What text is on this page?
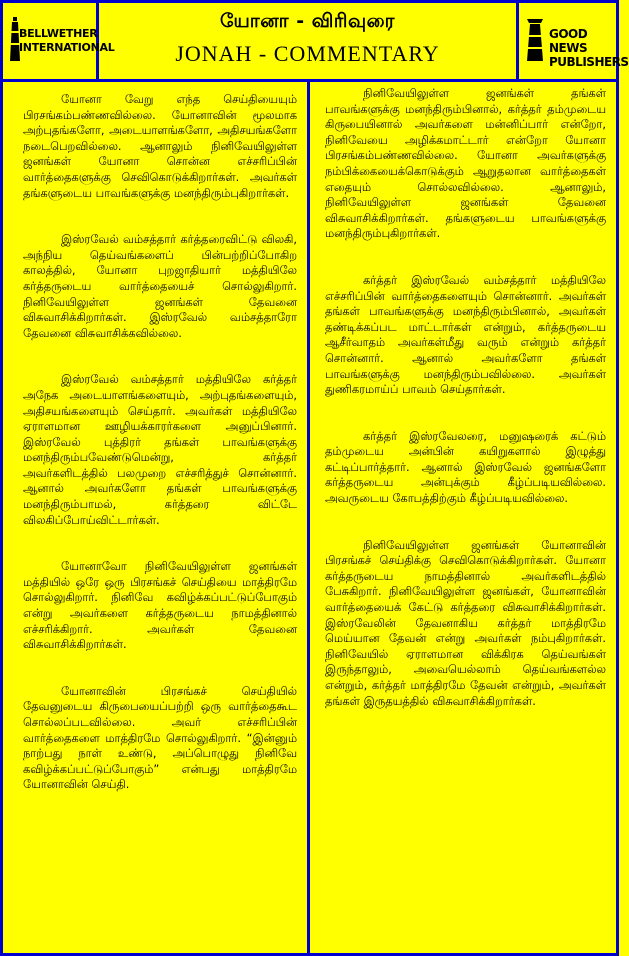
BELLWETHER INTERNATIONAL
யோனா - விரிவுரை
JONAH - COMMENTARY
GOOD NEWS PUBLISHERS

யோனா வேறு எந்த செய்தியையும் பிரசங்கம்பண்ணவில்லை. யோனாவின் மூலமாக அற்புதங்களோ, அடையாளங்களோ, அதிசயங்களோ நடைபெறவில்லை. ஆனாலும் நினிவேயிலுள்ள ஜனங்கள் யோனா சொன்ன எச்சரிப்பின் வார்த்தைகளுக்கு செவிகொடுக்கிறார்கள். அவர்கள் தங்களுடைய பாவங்களுக்கு மனந்திரும்புகிறார்கள்.

இஸ்ரவேல் வம்சத்தார் கர்த்தரைவிட்டு விலகி, அந்நிய தெய்வங்களைப் பின்பற்றிப்போகிற காலத்தில், யோனா புறஜாதியார் மத்தியிலே கர்த்தருடைய வார்த்தையைச் சொல்லுகிறார். நினிவேயிலுள்ள ஜனங்கள் தேவனை விசுவாசிக்கிறார்கள். இஸ்ரவேல் வம்சத்தாரோ தேவனை விசுவாசிக்கவில்லை.

இஸ்ரவேல் வம்சத்தார் மத்தியிலே கர்த்தர் அநேக அடையாளங்களையும், அற்புதங்களையும், அதிசயங்களையும் செய்தார். அவர்கள் மத்தியிலே ஏராளமான ஊழியக்காரர்களை அனுப்பினார். இஸ்ரவேல் புத்திரர் தங்கள் பாவங்களுக்கு மனந்திரும்பவேண்டுமென்று, கர்த்தர் அவர்களிடத்தில் பலமுறை எச்சரித்துச் சொன்னார். ஆனால் அவர்களோ தங்கள் பாவங்களுக்கு மனந்திரும்பாமல், கர்த்தரை விட்டே விலகிப்போய்விட்டார்கள்.

யோனாவோ நினிவேயிலுள்ள ஜனங்கள் மத்தியில் ஒரே ஒரு பிரசங்கச் செய்தியை மாத்திரமே சொல்லுகிறார். நினிவே கவிழ்க்கப்பட்டுப்போகும் என்று அவர்களை கர்த்தருடைய நாமத்தினால் எச்சரிக்கிறார். அவர்கள் தேவனை விசுவாசிக்கிறார்கள்.

யோனாவின் பிரசங்கச் செய்தியில் தேவனுடைய கிருபையைப்பற்றி ஒரு வார்த்தைகூட சொல்லப்படவில்லை. அவர் எச்சரிப்பின் வார்த்தைகளை மாத்திரமே சொல்லுகிறார். “இன்னும் நாற்பது நாள் உண்டு, அப்பொழுது நினிவே கவிழ்க்கப்பட்டுப்போகும்” என்பது மாத்திரமே யோனாவின் செய்தி.

நினிவேயிலுள்ள ஜனங்கள் தங்கள் பாவங்களுக்கு மனந்திரும்பினால், கர்த்தர் தம்முடைய கிருபையினால் அவர்களை மன்னிப்பார் என்றோ, நினிவேயை அழிக்கமாட்டார் என்றோ யோனா பிரசங்கம்பண்ணவில்லை. யோனா அவர்களுக்கு நம்பிக்கையைக்கொடுக்கும் ஆறுதலான வார்த்தைகள் எதையும் சொல்லவில்லை. ஆனாலும், நினிவேயிலுள்ள ஜனங்கள் தேவனை விசுவாசிக்கிறார்கள். தங்களுடைய பாவங்களுக்கு மனந்திரும்புகிறார்கள்.

கர்த்தர் இஸ்ரவேல் வம்சத்தார் மத்தியிலே எச்சரிப்பின் வார்த்தைகளையும் சொன்னார். அவர்கள் தங்கள் பாவங்களுக்கு மனந்திரும்பினால், அவர்கள் தண்டிக்கப்பட மாட்டார்கள் என்றும், கர்த்தருடைய ஆசீர்வாதம் அவர்கள்மீது வரும் என்றும் கர்த்தர் சொன்னார். ஆனால் அவர்களோ தங்கள் பாவங்களுக்கு மனந்திரும்பவில்லை. அவர்கள் துணிகரமாய்ப் பாவம் செய்தார்கள்.

கர்த்தர் இஸ்ரவேலரை, மனுஷரைக் கட்டும் தம்முடைய அன்பின் கயிறுகளால் இழுத்து கட்டிப்பார்த்தார். ஆனால் இஸ்ரவேல் ஜனங்களோ கர்த்தருடைய அன்புக்கும் கீழ்ப்படியவில்லை. அவருடைய கோபத்திற்கும் கீழ்ப்படியவில்லை.

நினிவேயிலுள்ள ஜனங்கள் யோனாவின் பிரசங்கச் செய்திக்கு செவிகொடுக்கிறார்கள். யோனா கர்த்தருடைய நாமத்தினால் அவர்களிடத்தில் பேசுகிறார். நினிவேயிலுள்ள ஜனங்கள், யோனாவின் வார்த்தையைக் கேட்டு கர்த்தரை விசுவாசிக்கிறார்கள். இஸ்ரவேலின் தேவனாகிய கர்த்தர் மாத்திரமே மெய்யான தேவன் என்று அவர்கள் நம்புகிறார்கள். நினிவேயில் ஏராளமான விக்கிரக தெய்வங்கள் இருந்தாலும், அவையெல்லாம் தெய்வங்களல்ல என்றும், கர்த்தர் மாத்திரமே தேவன் என்றும், அவர்கள் தங்கள் இருதயத்தில் விசுவாசிக்கிறார்கள்.
